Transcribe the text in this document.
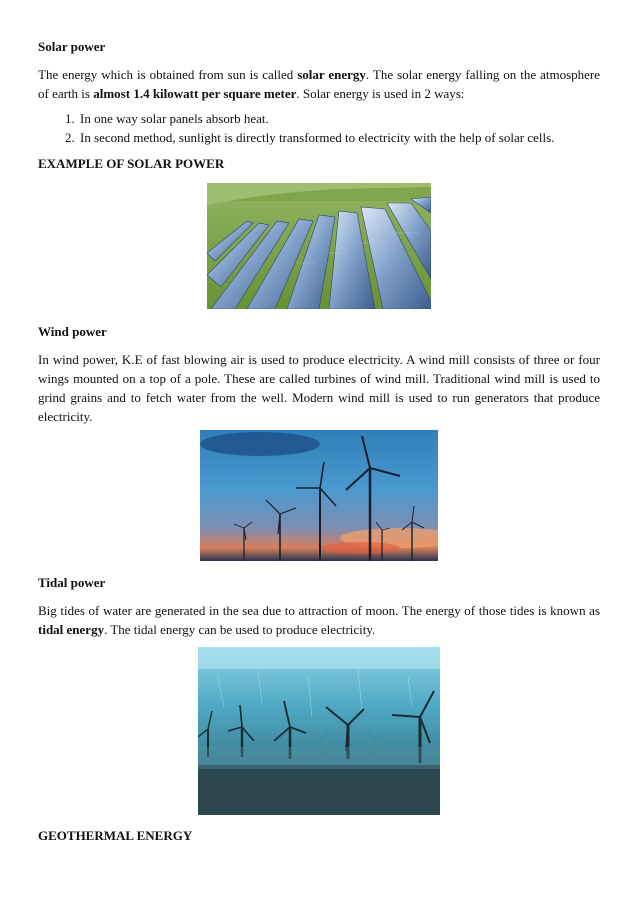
Solar power

The energy which is obtained from sun is called solar energy. The solar energy falling on the atmosphere of earth is almost 1.4 kilowatt per square meter. Solar energy is used in 2 ways:

1. In one way solar panels absorb heat.
2. In second method, sunlight is directly transformed to electricity with the help of solar cells.
EXAMPLE OF SOLAR POWER
Wind power

In wind power, K.E of fast blowing air is used to produce electricity. A wind mill consists of three or four wings mounted on a top of a pole. These are called turbines of wind mill. Traditional wind mill is used to grind grains and to fetch water from the well. Modern wind mill is used to run generators that produce electricity.

Tidal power

Big tides of water are generated in the sea due to attraction of moon. The energy of those tides is known as tidal energy. The tidal energy can be used to produce electricity.

GEOTHERMAL ENERGY
